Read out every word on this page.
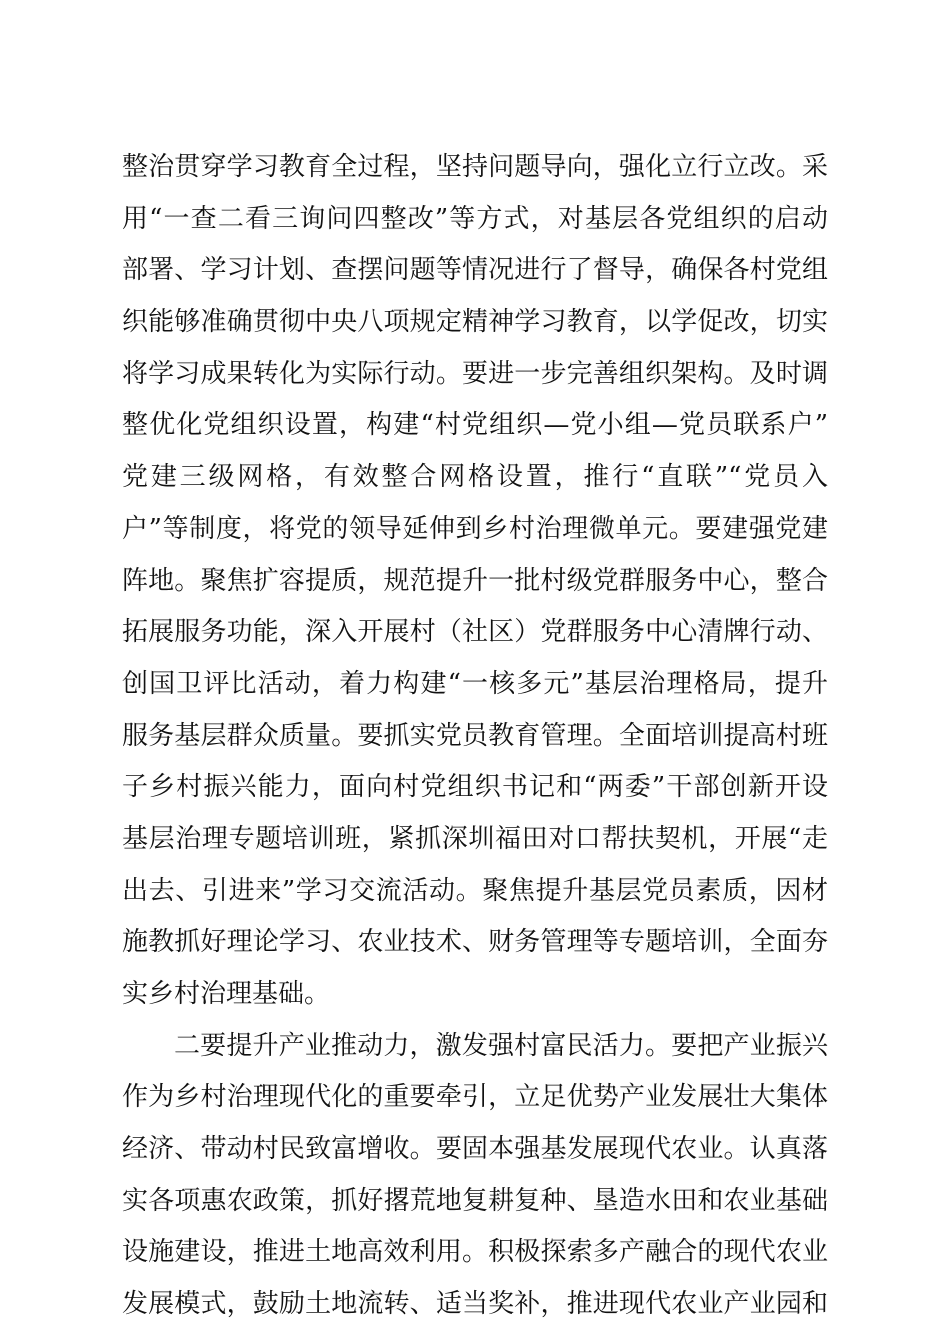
整治贯穿学习教育全过程，坚持问题导向，强化立行立改。采
用“一查二看三询问四整改”等方式，对基层各党组织的启动
部署、学习计划、查摆问题等情况进行了督导，确保各村党组
织能够准确贯彻中央八项规定精神学习教育，以学促改，切实
将学习成果转化为实际行动。要进一步完善组织架构。及时调
整优化党组织设置，构建“村党组织—党小组—党员联系户”
党建三级网格，有效整合网格设置，推行“直联”“党员入
户”等制度，将党的领导延伸到乡村治理微单元。要建强党建
阵地。聚焦扩容提质，规范提升一批村级党群服务中心，整合
拓展服务功能，深入开展村（社区）党群服务中心清牌行动、
创国卫评比活动，着力构建“一核多元”基层治理格局，提升
服务基层群众质量。要抓实党员教育管理。全面培训提高村班
子乡村振兴能力，面向村党组织书记和“两委”干部创新开设
基层治理专题培训班，紧抓深圳福田对口帮扶契机，开展“走
出去、引进来”学习交流活动。聚焦提升基层党员素质，因材
施教抓好理论学习、农业技术、财务管理等专题培训，全面夯
实乡村治理基础。
二要提升产业推动力，激发强村富民活力。要把产业振兴
作为乡村治理现代化的重要牵引，立足优势产业发展壮大集体
经济、带动村民致富增收。要固本强基发展现代农业。认真落
实各项惠农政策，抓好撂荒地复耕复种、垦造水田和农业基础
设施建设，推进土地高效利用。积极探索多产融合的现代农业
发展模式，鼓励土地流转、适当奖补，推进现代农业产业园和
